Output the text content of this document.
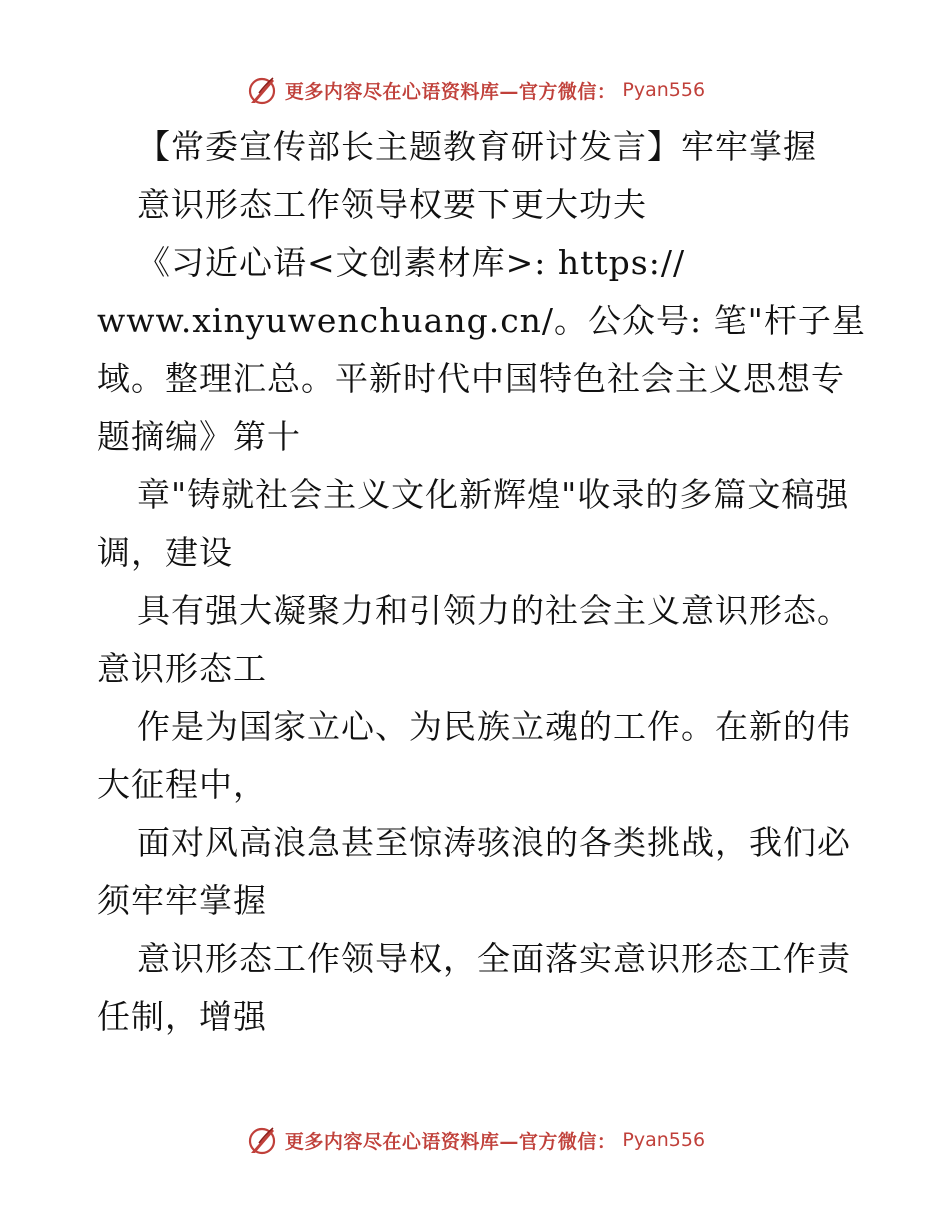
更多内容尽在心语资料库—官方微信： Pyan556
【常委宣传部长主题教育研讨发言】牢牢掌握
意识形态工作领导权要下更大功夫
《习近心语<文创素材库>: https://
www.xinyuwenchuang.cn/。公众号: 笔"杆子星
域。整理汇总。平新时代中国特色社会主义思想专
题摘编》第十
章"铸就社会主义文化新辉煌"收录的多篇文稿强
调，建设
具有强大凝聚力和引领力的社会主义意识形态。
意识形态工
作是为国家立心、为民族立魂的工作。在新的伟
大征程中，
面对风高浪急甚至惊涛骇浪的各类挑战，我们必
须牢牢掌握
意识形态工作领导权，全面落实意识形态工作责
任制，增强
更多内容尽在心语资料库—官方微信： Pyan556
